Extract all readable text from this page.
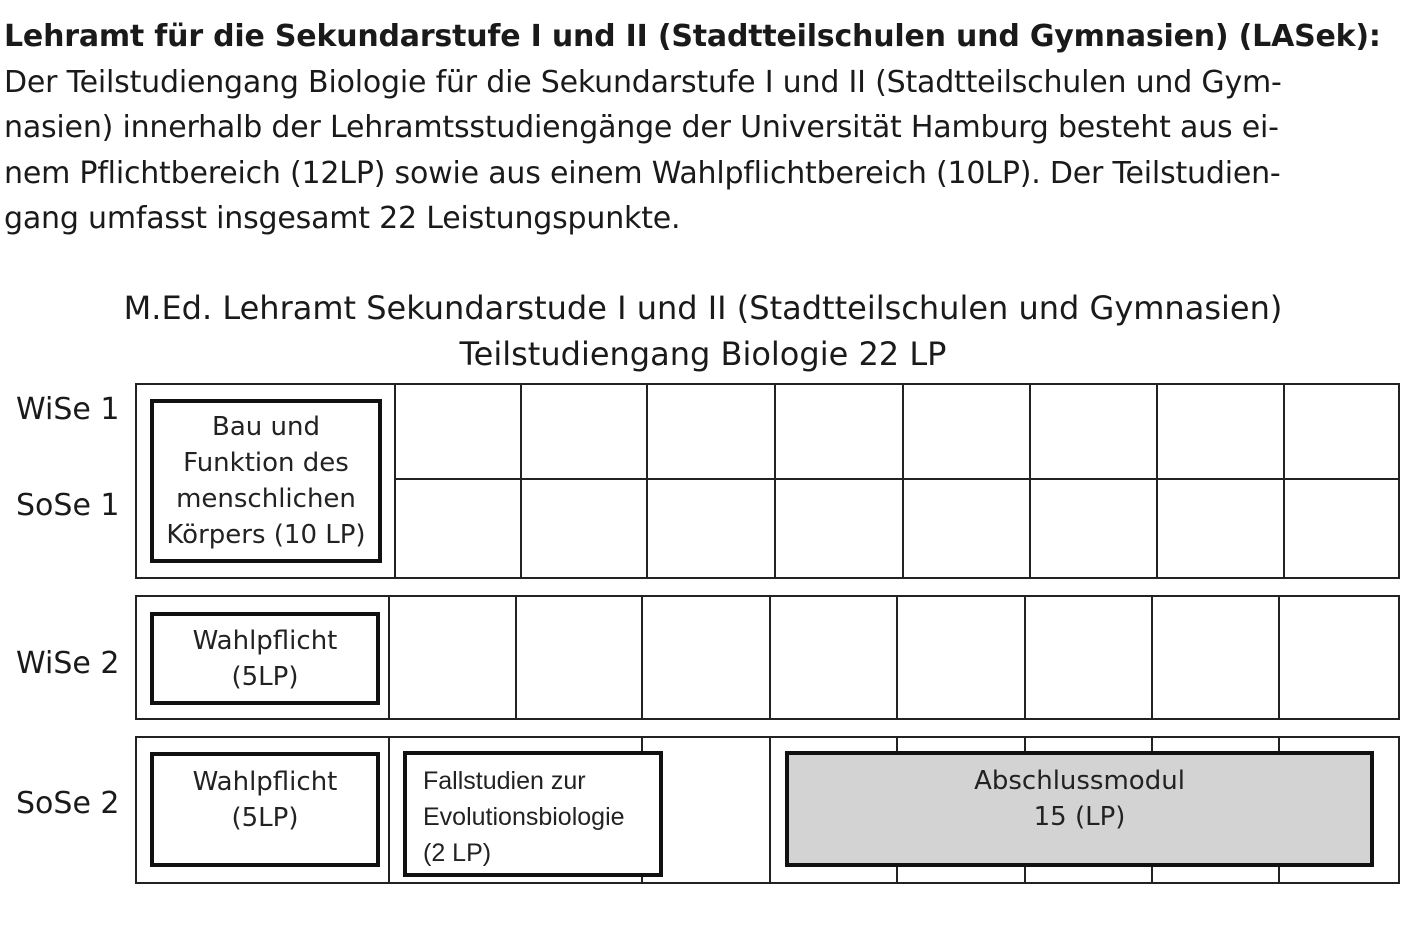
Lehramt für die Sekundarstufe I und II (Stadtteilschulen und Gymnasien) (LASek):
Der Teilstudiengang Biologie für die Sekundarstufe I und II (Stadtteilschulen und Gym-
nasien) innerhalb der Lehramtsstudiengänge der Universität Hamburg besteht aus ei-
nem Pflichtbereich (12LP) sowie aus einem Wahlpflichtbereich (10LP). Der Teilstudien-
gang umfasst insgesamt 22 Leistungspunkte.
M.Ed. Lehramt Sekundarstude I und II (Stadtteilschulen und Gymnasien)
Teilstudiengang Biologie 22 LP
WiSe 1
SoSe 1
WiSe 2
SoSe 2
Bau und
Funktion des
menschlichen
Körpers (10 LP)
Wahlpflicht
(5LP)
Wahlpflicht
(5LP)
Fallstudien zur
Evolutionsbiologie
(2 LP)
Abschlussmodul
15 (LP)
